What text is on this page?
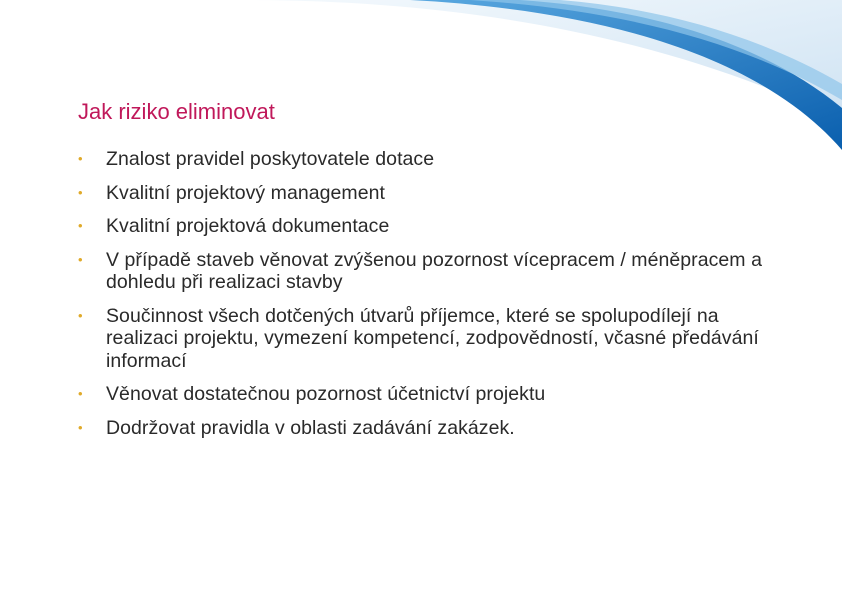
Jak riziko eliminovat
• Znalost pravidel poskytovatele dotace
• Kvalitní projektový management
• Kvalitní projektová dokumentace
• V případě staveb věnovat zvýšenou pozornost vícepracem / méněpracem a dohledu při realizaci stavby
• Součinnost všech dotčených útvarů příjemce, které se spolupodílejí na realizaci projektu, vymezení kompetencí, zodpovědností, včasné předávání informací
• Věnovat dostatečnou pozornost účetnictví projektu
• Dodržovat pravidla v oblasti zadávání zakázek.
